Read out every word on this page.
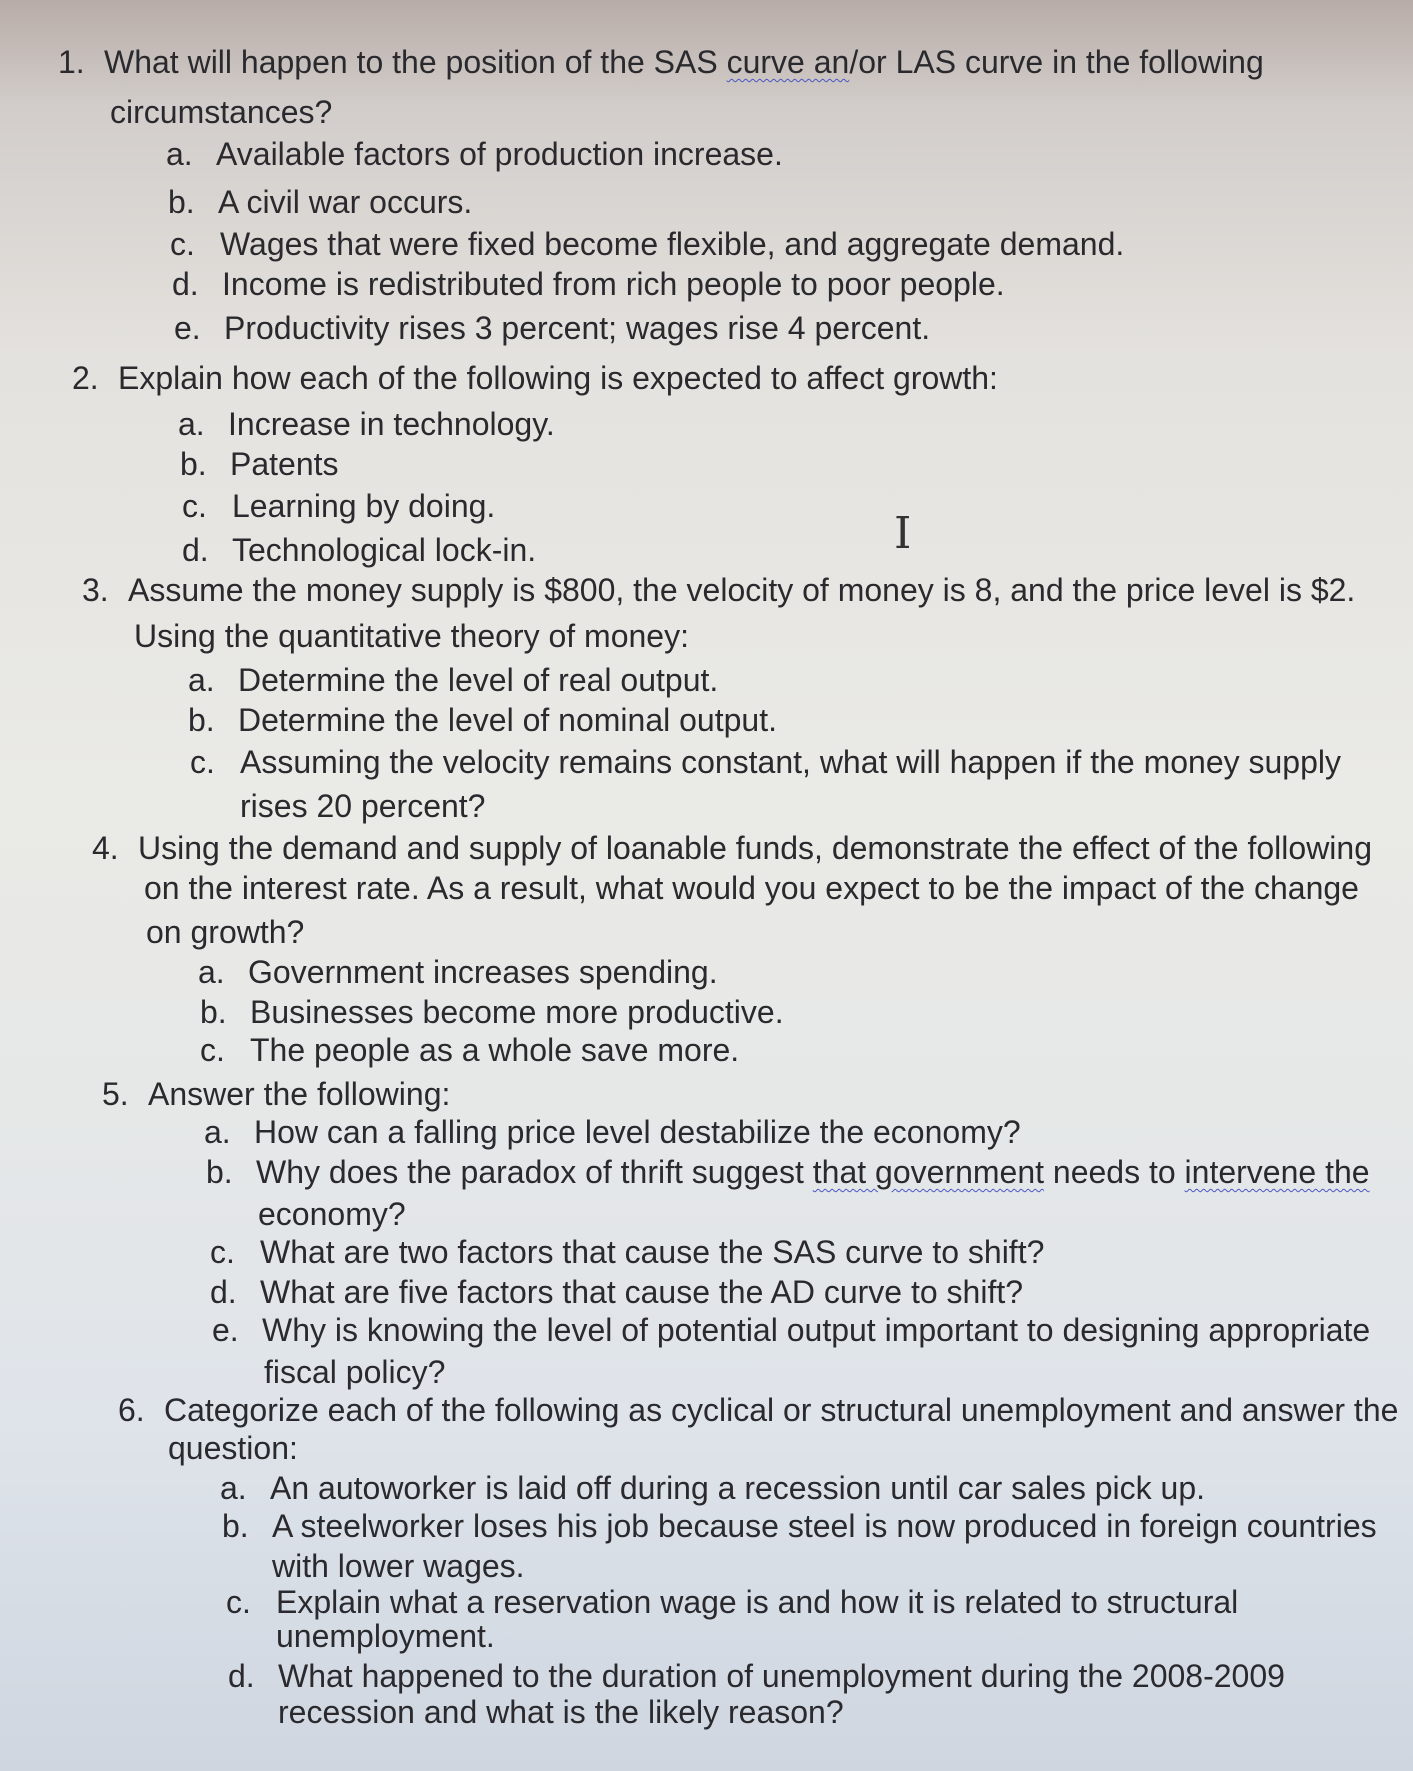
1. What will happen to the position of the SAS curve an/or LAS curve in the following
circumstances?
a. Available factors of production increase.
b. A civil war occurs.
c. Wages that were fixed become flexible, and aggregate demand.
d. Income is redistributed from rich people to poor people.
e. Productivity rises 3 percent; wages rise 4 percent.
2. Explain how each of the following is expected to affect growth:
a. Increase in technology.
b. Patents
c. Learning by doing.
d. Technological lock-in.
3. Assume the money supply is $800, the velocity of money is 8, and the price level is $2.
Using the quantitative theory of money:
a. Determine the level of real output.
b. Determine the level of nominal output.
c. Assuming the velocity remains constant, what will happen if the money supply
rises 20 percent?
4. Using the demand and supply of loanable funds, demonstrate the effect of the following
on the interest rate. As a result, what would you expect to be the impact of the change
on growth?
a. Government increases spending.
b. Businesses become more productive.
c. The people as a whole save more.
5. Answer the following:
a. How can a falling price level destabilize the economy?
b. Why does the paradox of thrift suggest that government needs to intervene the
economy?
c. What are two factors that cause the SAS curve to shift?
d. What are five factors that cause the AD curve to shift?
e. Why is knowing the level of potential output important to designing appropriate
fiscal policy?
6. Categorize each of the following as cyclical or structural unemployment and answer the
question:
a. An autoworker is laid off during a recession until car sales pick up.
b. A steelworker loses his job because steel is now produced in foreign countries
with lower wages.
c. Explain what a reservation wage is and how it is related to structural
unemployment.
d. What happened to the duration of unemployment during the 2008-2009
recession and what is the likely reason?
I
